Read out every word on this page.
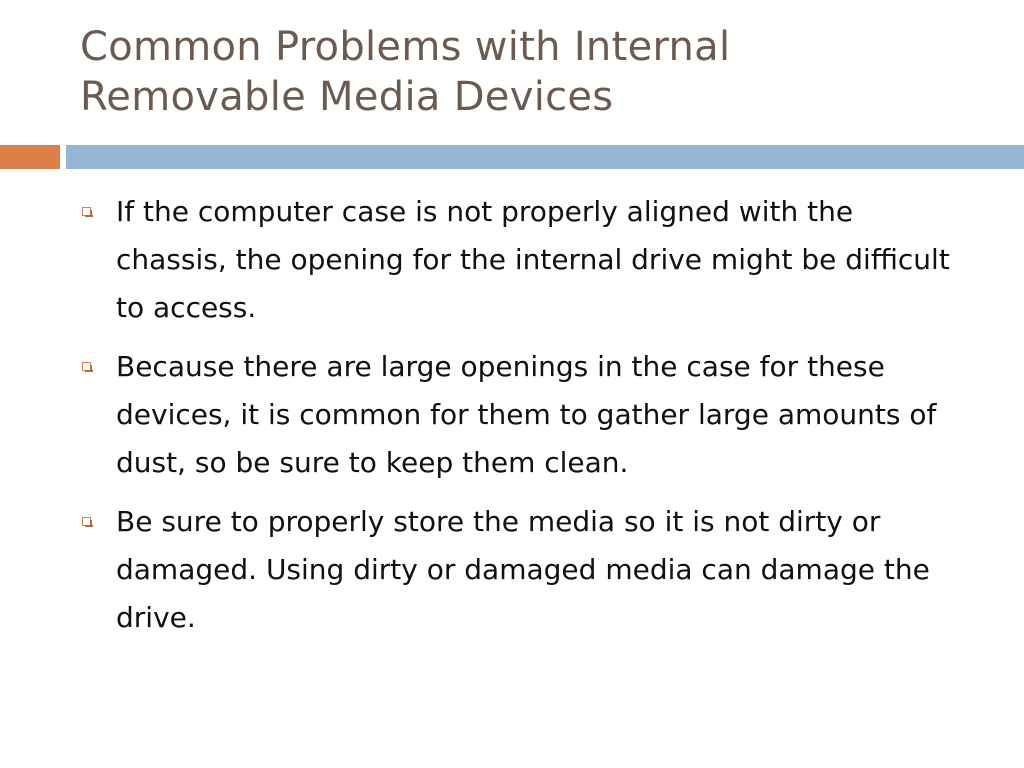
Common Problems with Internal
Removable Media Devices
If the computer case is not properly aligned with the chassis, the opening for the internal drive might be difficult to access.
Because there are large openings in the case for these devices, it is common for them to gather large amounts of dust, so be sure to keep them clean.
Be sure to properly store the media so it is not dirty or damaged. Using dirty or damaged media can damage the drive.
